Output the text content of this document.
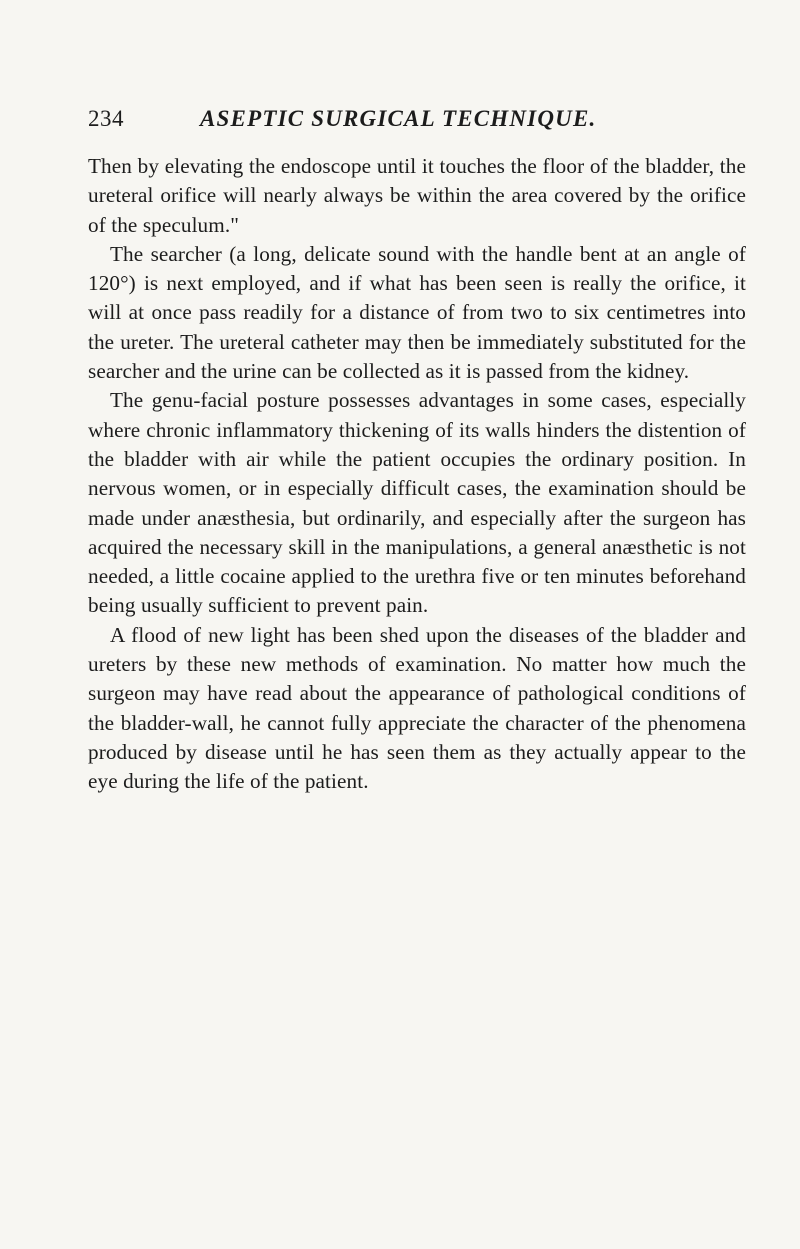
234	ASEPTIC SURGICAL TECHNIQUE.

Then by elevating the endoscope until it touches the floor of the bladder, the ureteral orifice will nearly always be within the area covered by the orifice of the speculum."

The searcher (a long, delicate sound with the handle bent at an angle of 120°) is next employed, and if what has been seen is really the orifice, it will at once pass readily for a distance of from two to six centimetres into the ureter. The ureteral catheter may then be immediately substituted for the searcher and the urine can be collected as it is passed from the kidney.

The genu-facial posture possesses advantages in some cases, especially where chronic inflammatory thickening of its walls hinders the distention of the bladder with air while the patient occupies the ordinary position. In nervous women, or in especially difficult cases, the examination should be made under anæsthesia, but ordinarily, and especially after the surgeon has acquired the necessary skill in the manipulations, a general anæsthetic is not needed, a little cocaine applied to the urethra five or ten minutes beforehand being usually sufficient to prevent pain.

A flood of new light has been shed upon the diseases of the bladder and ureters by these new methods of examination. No matter how much the surgeon may have read about the appearance of pathological conditions of the bladder-wall, he cannot fully appreciate the character of the phenomena produced by disease until he has seen them as they actually appear to the eye during the life of the patient.
